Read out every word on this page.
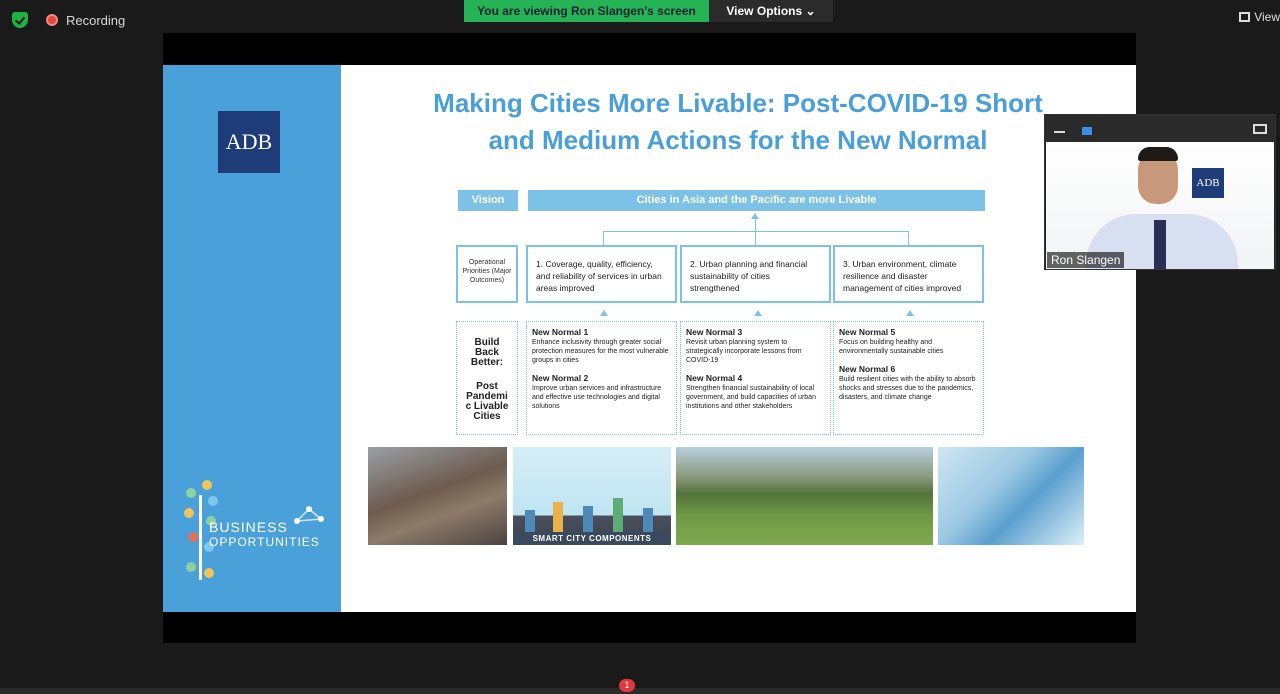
Recording
You are viewing Ron Slangen's screen	View Options ⌄	View
ADB
BUSINESS
OPPORTUNITIES
Making Cities More Livable: Post-COVID-19 Short
and Medium Actions for the New Normal
Vision	Cities in Asia and the Pacific are more Livable
Operational Priorities (Major Outcomes)
1. Coverage, quality, efficiency, and reliability of services in urban areas improved
2. Urban planning and financial sustainability of cities strengthened
3. Urban environment, climate resilience and disaster management of cities improved
Build Back Better:
Post Pandemi c Livable Cities
New Normal 1
Enhance inclusivity through greater social protection measures for the most vulnerable groups in cities
New Normal 2
Improve urban services and infrastructure and effective use technologies and digital solutions
New Normal 3
Revisit urban planning system to strategically incorporate lessons from COVID-19
New Normal 4
Strengthen financial sustainability of local government, and build capacities of urban institutions and other stakeholders
New Normal 5
Focus on building healthy and environmentally sustainable cities
New Normal 6
Build resilient cities with the ability to absorb shocks and stresses due to the pandemics, disasters, and climate change
SMART CITY COMPONENTS
ADB
Ron Slangen
1
